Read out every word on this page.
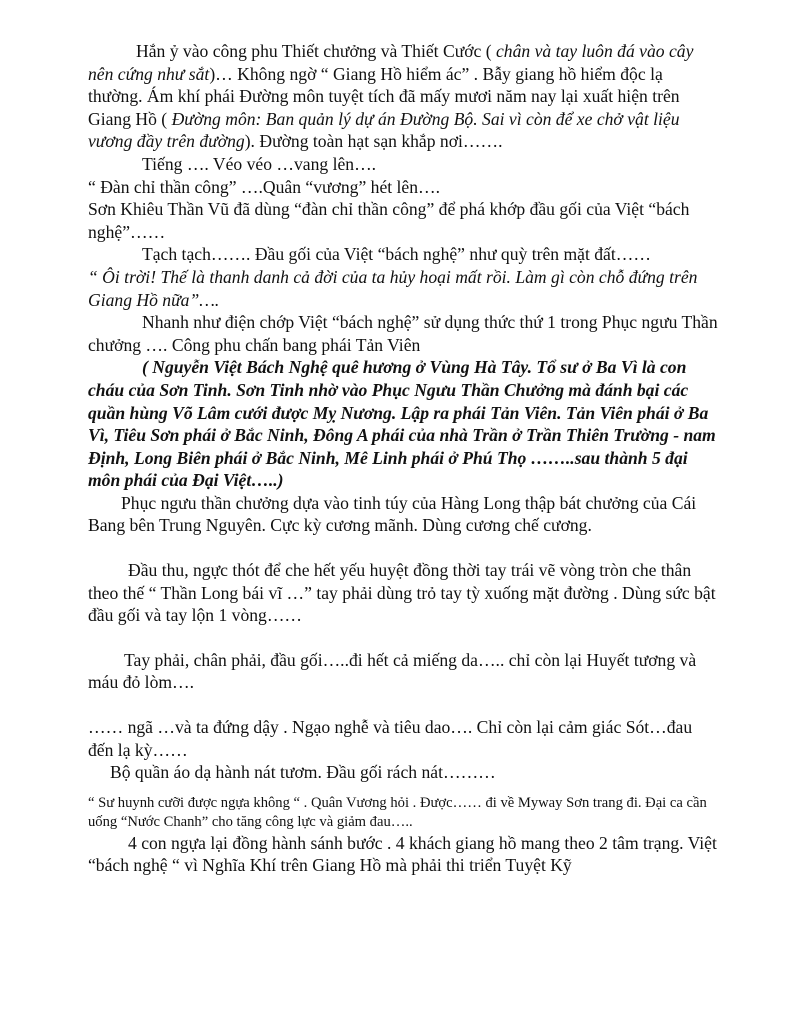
Hắn ỷ vào công phu Thiết chưởng và Thiết Cước ( chân và tay luôn đá vào cây nên cứng như sắt)… Không ngờ “ Giang Hồ hiểm ác” . Bẫy giang hồ hiểm độc lạ thường. Ám khí phái Đường môn tuyệt tích đã mấy mươi năm nay lại xuất hiện trên Giang Hồ ( Đường môn: Ban quản lý dự án Đường Bộ. Sai vì còn để xe chở vật liệu vương đầy trên đường). Đường toàn hạt sạn khắp nơi…….

Tiếng …. Véo véo …vang lên….

“ Đàn chỉ thần công” ….Quân “vương” hét lên….

Sơn Khiêu Thần Vũ đã dùng “đàn chỉ thần công” để phá khớp đầu gối của Việt “bách nghệ”……

Tạch tạch……. Đầu gối của Việt “bách nghệ” như quỳ trên mặt đất……

“ Ôi trời! Thế là thanh danh cả đời của ta hủy hoại mất rồi. Làm gì còn chỗ đứng trên Giang Hồ nữa”….

Nhanh như điện chớp Việt “bách nghệ” sử dụng thức thứ 1 trong Phục ngưu Thần chưởng …. Công phu chấn bang phái Tản Viên

( Nguyễn Việt Bách Nghệ quê hương ở Vùng Hà Tây. Tổ sư ở Ba Vì là con cháu của Sơn Tinh. Sơn Tinh nhờ vào Phục Ngưu Thần Chưởng mà đánh bại các quần hùng Võ Lâm cưới được Mỵ Nương. Lập ra phái Tản Viên. Tản Viên phái ở Ba Vì, Tiêu Sơn phái ở Bắc Ninh, Đông A phái của nhà Trần ở Trần Thiên Trường - nam Định, Long Biên phái ở Bắc Ninh, Mê Linh phái ở Phú Thọ ……..sau thành 5 đại môn phái của Đại Việt…..)

Phục ngưu thần chưởng dựa vào tinh túy của Hàng Long thập bát chưởng của Cái Bang bên Trung Nguyên. Cực kỳ cương mãnh. Dùng cương chế cương.

Đầu thu, ngực thót để che hết yếu huyệt đồng thời tay trái vẽ vòng tròn che thân theo thế “ Thần Long bái vĩ …” tay phải dùng trỏ tay tỳ xuống mặt đường . Dùng sức bật đầu gối và tay lộn 1 vòng……

Tay phải, chân phải, đầu gối…..đi hết cả miếng da….. chỉ còn lại Huyết tương và máu đỏ lòm….

…… ngã …và ta đứng dậy . Ngạo nghễ và tiêu dao…. Chỉ còn lại cảm giác Sót…đau đến lạ kỳ……

Bộ quần áo dạ hành nát tươm. Đầu gối rách nát………

“ Sư huynh cưỡi được ngựa không “ . Quân Vương hỏi . Được…… đi về Myway Sơn trang đi. Đại ca cần uống “Nước Chanh” cho tăng công lực và giảm đau…..

4 con ngựa lại đồng hành sánh bước . 4 khách giang hồ mang theo 2 tâm trạng. Việt “bách nghệ “ vì Nghĩa Khí trên Giang Hồ mà phải thi triển Tuyệt Kỹ
